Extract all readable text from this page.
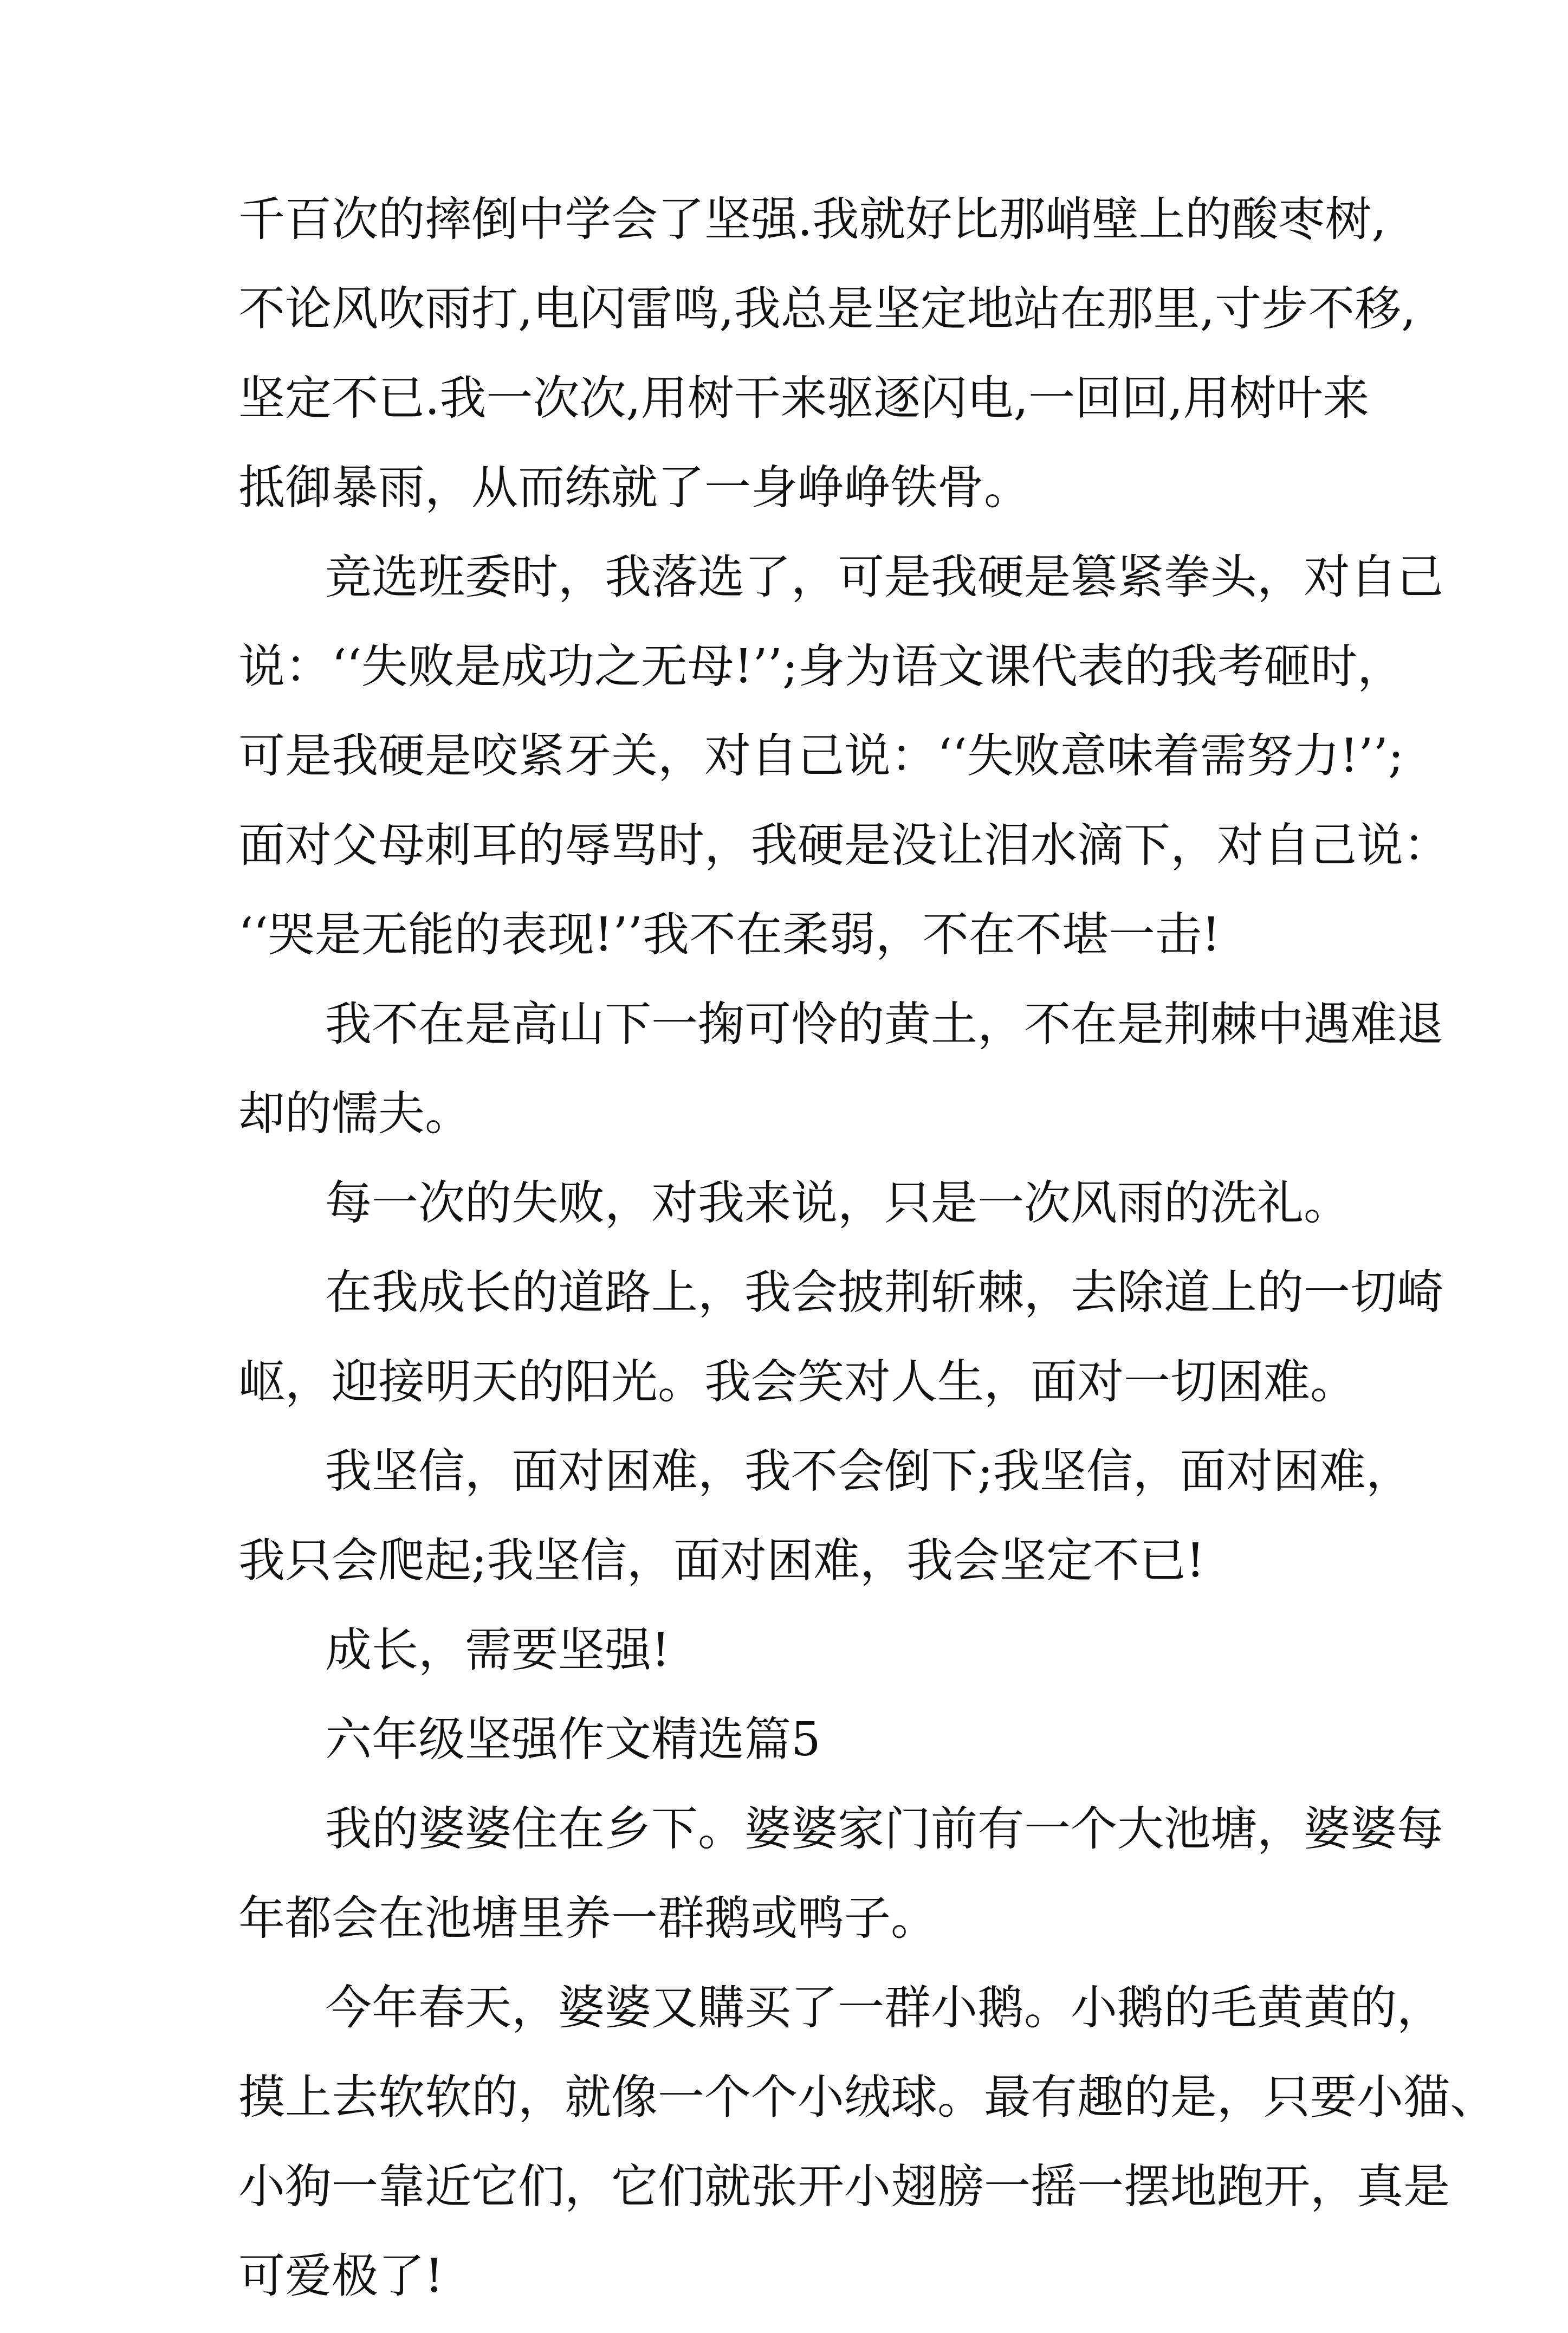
千百次的摔倒中学会了坚强.我就好比那峭壁上的酸枣树,
不论风吹雨打,电闪雷鸣,我总是坚定地站在那里,寸步不移,
坚定不已.我一次次,用树干来驱逐闪电,一回回,用树叶来
抵御暴雨，从而练就了一身峥峥铁骨。
竞选班委时，我落选了，可是我硬是篡紧拳头，对自己
说：‘‘失败是成功之无母!’’;身为语文课代表的我考砸时，
可是我硬是咬紧牙关，对自己说：‘‘失败意味着需努力!’’;
面对父母刺耳的辱骂时，我硬是没让泪水滴下，对自己说：
‘‘哭是无能的表现!’’我不在柔弱，不在不堪一击!
我不在是高山下一掬可怜的黄土，不在是荆棘中遇难退
却的懦夫。
每一次的失败，对我来说，只是一次风雨的洗礼。
在我成长的道路上，我会披荆斩棘，去除道上的一切崎
岖，迎接明天的阳光。我会笑对人生，面对一切困难。
我坚信，面对困难，我不会倒下;我坚信，面对困难，
我只会爬起;我坚信，面对困难，我会坚定不已!
成长，需要坚强!
六年级坚强作文精选篇5
我的婆婆住在乡下。婆婆家门前有一个大池塘，婆婆每
年都会在池塘里养一群鹅或鸭子。
今年春天，婆婆又購买了一群小鹅。小鹅的毛黄黄的，
摸上去软软的，就像一个个小绒球。最有趣的是，只要小猫、
小狗一靠近它们，它们就张开小翅膀一摇一摆地跑开，真是
可爱极了!
